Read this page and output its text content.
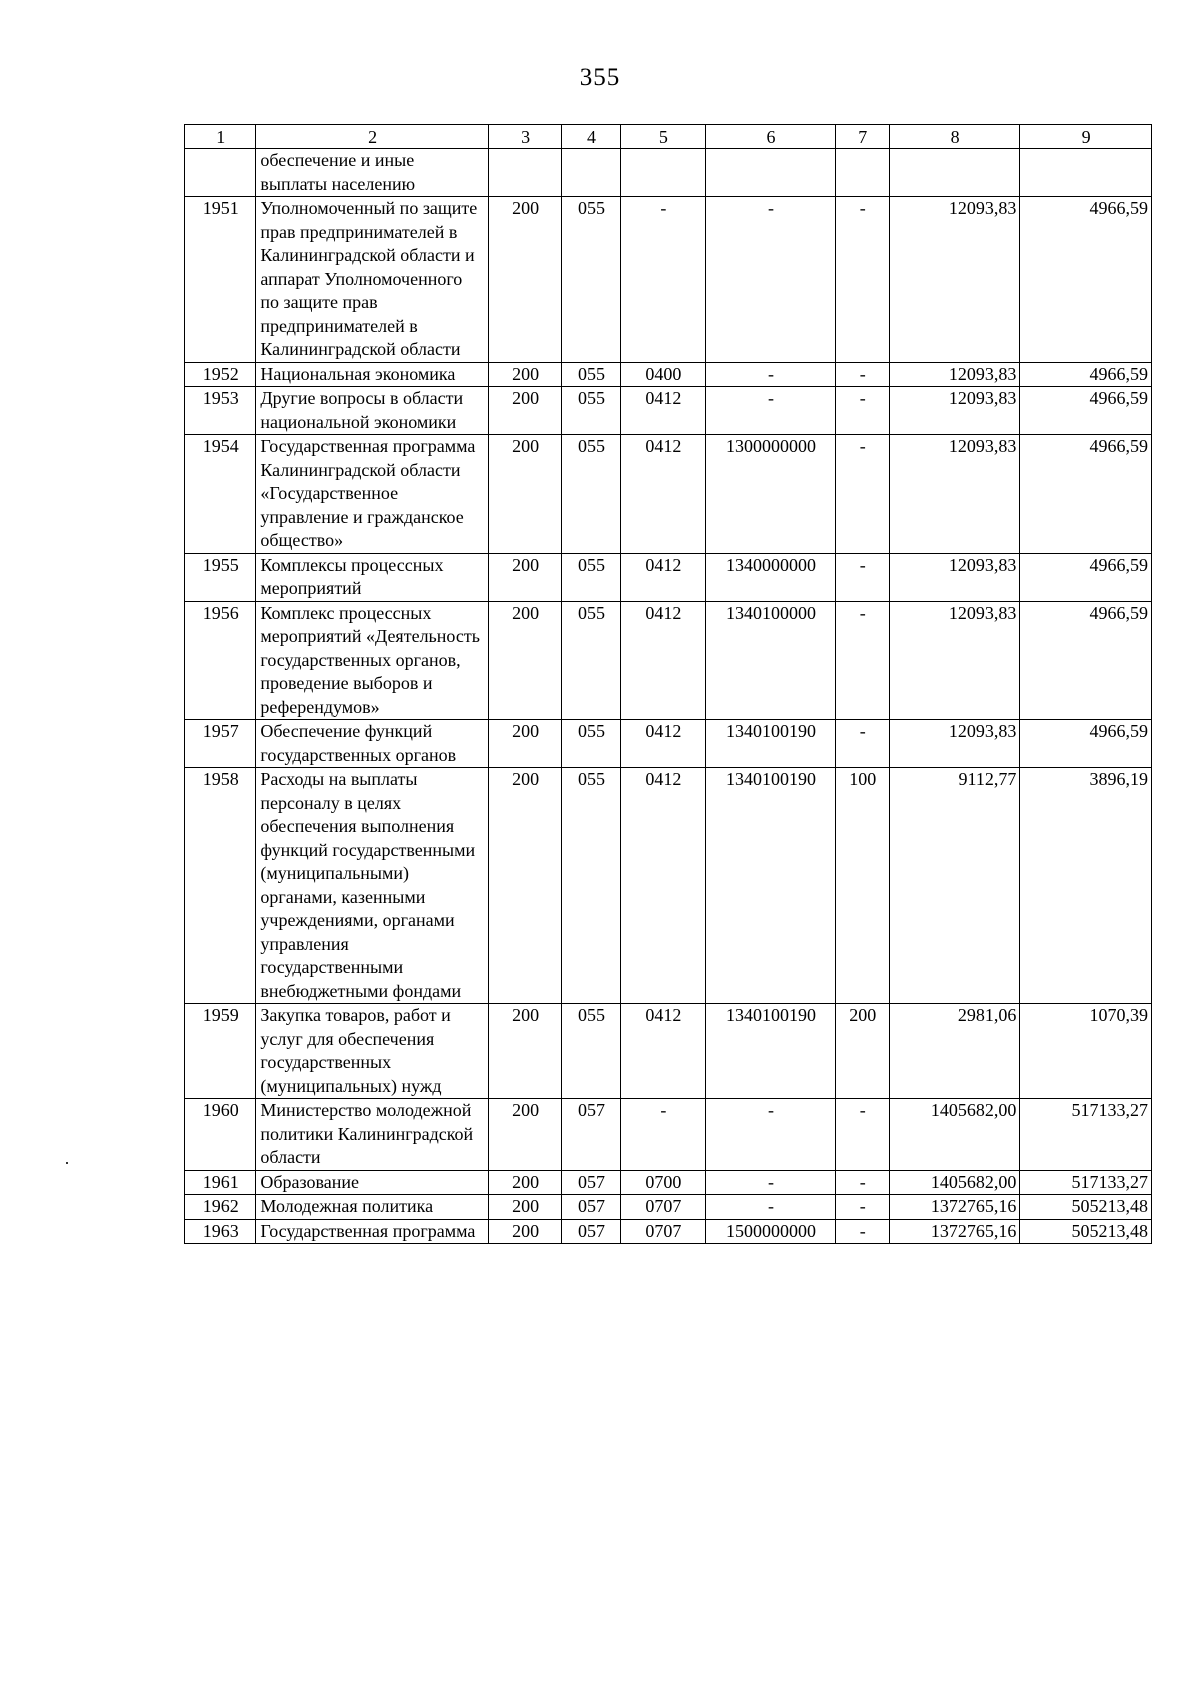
355
1	2	3	4	5	6	7	8	9
	обеспечение и иные выплаты населению							
1951	Уполномоченный по защите прав предпринимателей в Калининградской области и аппарат Уполномоченного по защите прав предпринимателей в Калининградской области	200	055	-	-	-	12093,83	4966,59
1952	Национальная экономика	200	055	0400	-	-	12093,83	4966,59
1953	Другие вопросы в области национальной экономики	200	055	0412	-	-	12093,83	4966,59
1954	Государственная программа Калининградской области «Государственное управление и гражданское общество»	200	055	0412	1300000000	-	12093,83	4966,59
1955	Комплексы процессных мероприятий	200	055	0412	1340000000	-	12093,83	4966,59
1956	Комплекс процессных мероприятий «Деятельность государственных органов, проведение выборов и референдумов»	200	055	0412	1340100000	-	12093,83	4966,59
1957	Обеспечение функций государственных органов	200	055	0412	1340100190	-	12093,83	4966,59
1958	Расходы на выплаты персоналу в целях обеспечения выполнения функций государственными (муниципальными) органами, казенными учреждениями, органами управления государственными внебюджетными фондами	200	055	0412	1340100190	100	9112,77	3896,19
1959	Закупка товаров, работ и услуг для обеспечения государственных (муниципальных) нужд	200	055	0412	1340100190	200	2981,06	1070,39
1960	Министерство молодежной политики Калининградской области	200	057	-	-	-	1405682,00	517133,27
1961	Образование	200	057	0700	-	-	1405682,00	517133,27
1962	Молодежная политика	200	057	0707	-	-	1372765,16	505213,48
1963	Государственная программа	200	057	0707	1500000000	-	1372765,16	505213,48
